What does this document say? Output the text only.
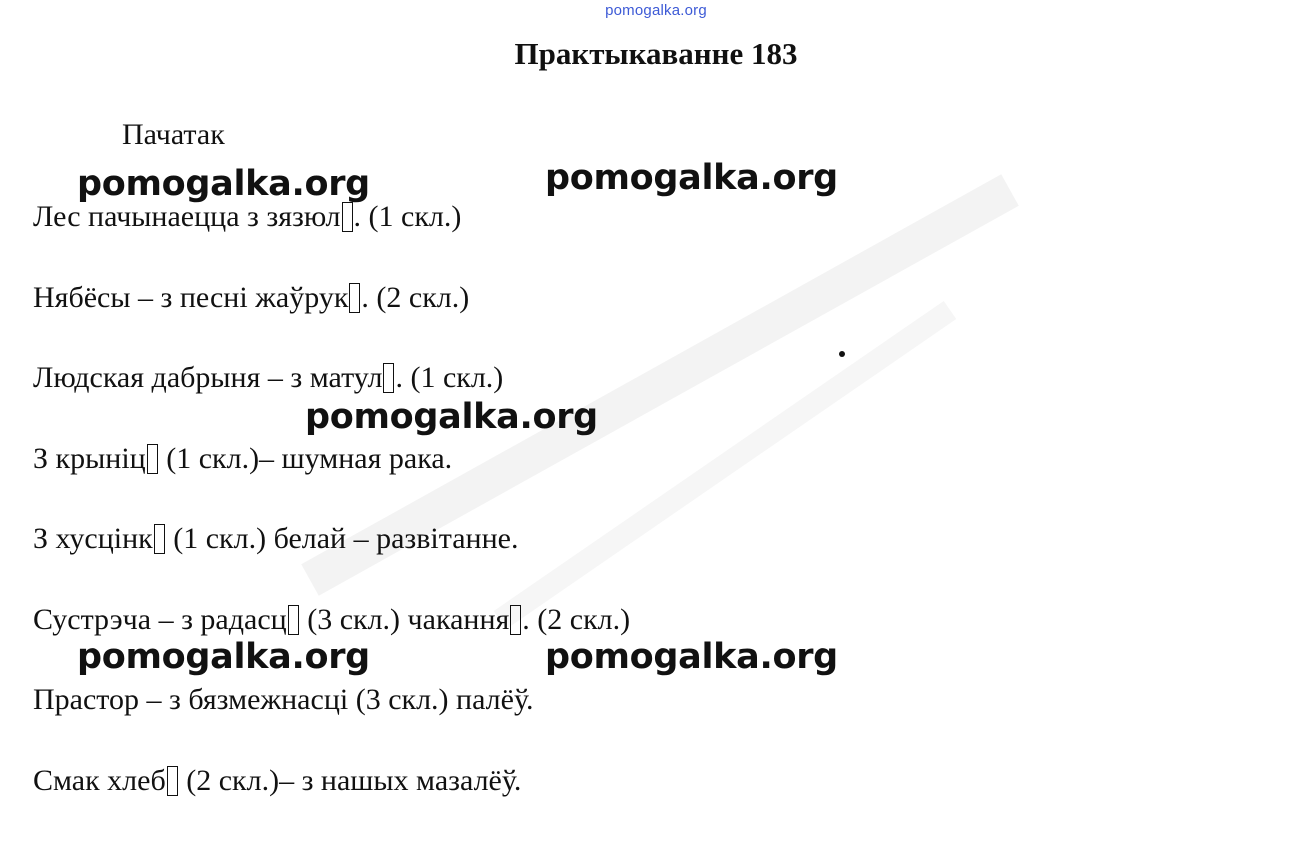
pomogalka.org
Практыкаванне 183
Пачатак
Лес пачынаецца з зязюл . (1 скл.)
Нябёсы – з песні жаўрук . (2 скл.)
Людская дабрыня – з матул . (1 скл.)
З крыніц (1 скл.)– шумная рака.
З хусцінк (1 скл.) белай – развітанне.
Сустрэча – з радасц (3 скл.) чакання . (2 скл.)
Прастор – з бязмежнасці (3 скл.) палёў.
Смак хлеб (2 скл.)– з нашых мазалёў.
pomogalka.org	pomogalka.org
pomogalka.org
pomogalka.org	pomogalka.org
